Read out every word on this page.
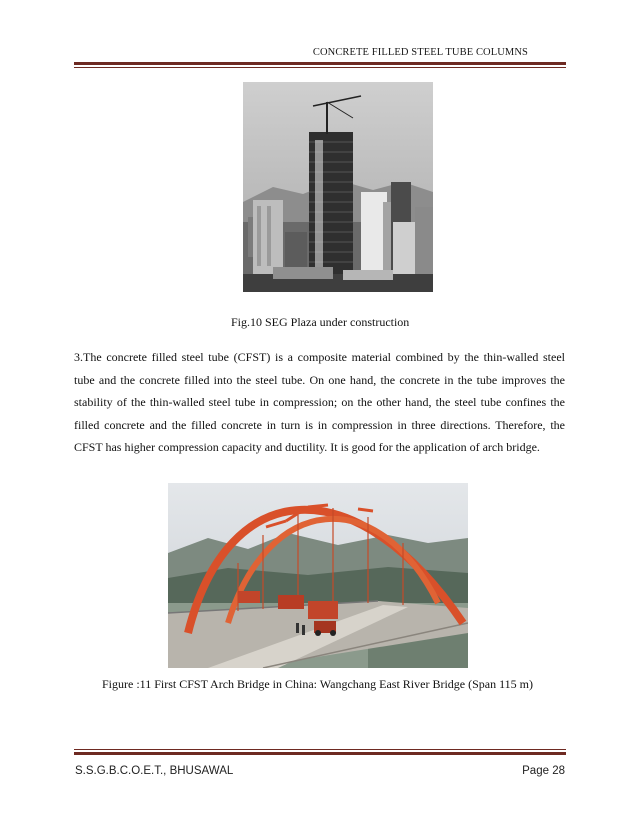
CONCRETE FILLED STEEL TUBE COLUMNS
Fig.10 SEG Plaza under construction
3.The concrete filled steel tube (CFST) is a composite material combined by the thin-walled steel tube and the concrete filled into the steel tube. On one hand, the concrete in the tube improves the stability of the thin-walled steel tube in compression; on the other hand, the steel tube confines the filled concrete and the filled concrete in turn is in compression in three directions. Therefore, the CFST has higher compression capacity and ductility. It is good for the application of arch bridge.
Figure :11 First CFST Arch Bridge in China: Wangchang East River Bridge (Span 115 m)
S.S.G.B.C.O.E.T., BHUSAWAL	Page 28
